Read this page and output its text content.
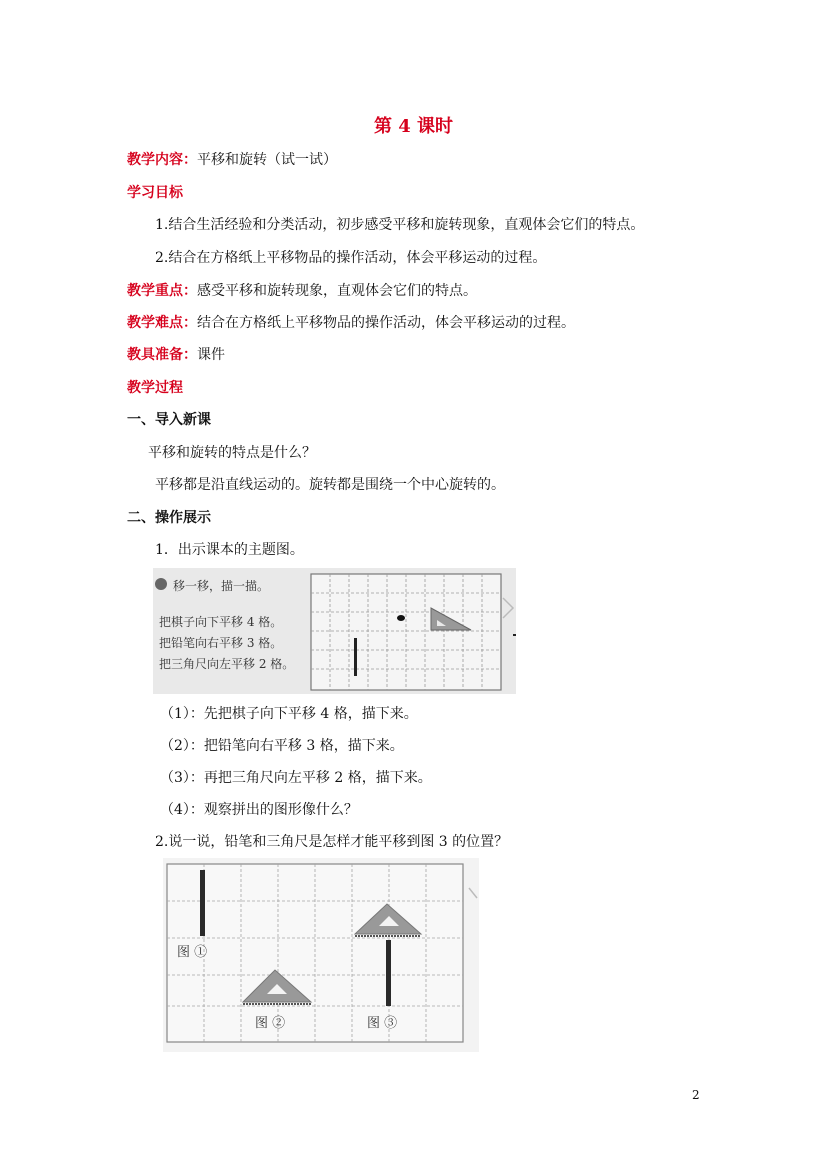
第 4 课时
教学内容：平移和旋转（试一试）
学习目标
1.结合生活经验和分类活动，初步感受平移和旋转现象，直观体会它们的特点。
2.结合在方格纸上平移物品的操作活动，体会平移运动的过程。
教学重点：感受平移和旋转现象，直观体会它们的特点。
教学难点：结合在方格纸上平移物品的操作活动，体会平移运动的过程。
教具准备：课件
教学过程
一、导入新课
平移和旋转的特点是什么？
平移都是沿直线运动的。旋转都是围绕一个中心旋转的。
二、操作展示
1．出示课本的主题图。
移一移，描一描。
把棋子向下平移 4 格。
把铅笔向右平移 3 格。
把三角尺向左平移 2 格。
（1）：先把棋子向下平移 4 格，描下来。
（2）：把铅笔向右平移 3 格，描下来。
（3）：再把三角尺向左平移 2 格，描下来。
（4）：观察拼出的图形像什么？
2.说一说，铅笔和三角尺是怎样才能平移到图 3 的位置？
图 ①
图 ②	图 ③
2
